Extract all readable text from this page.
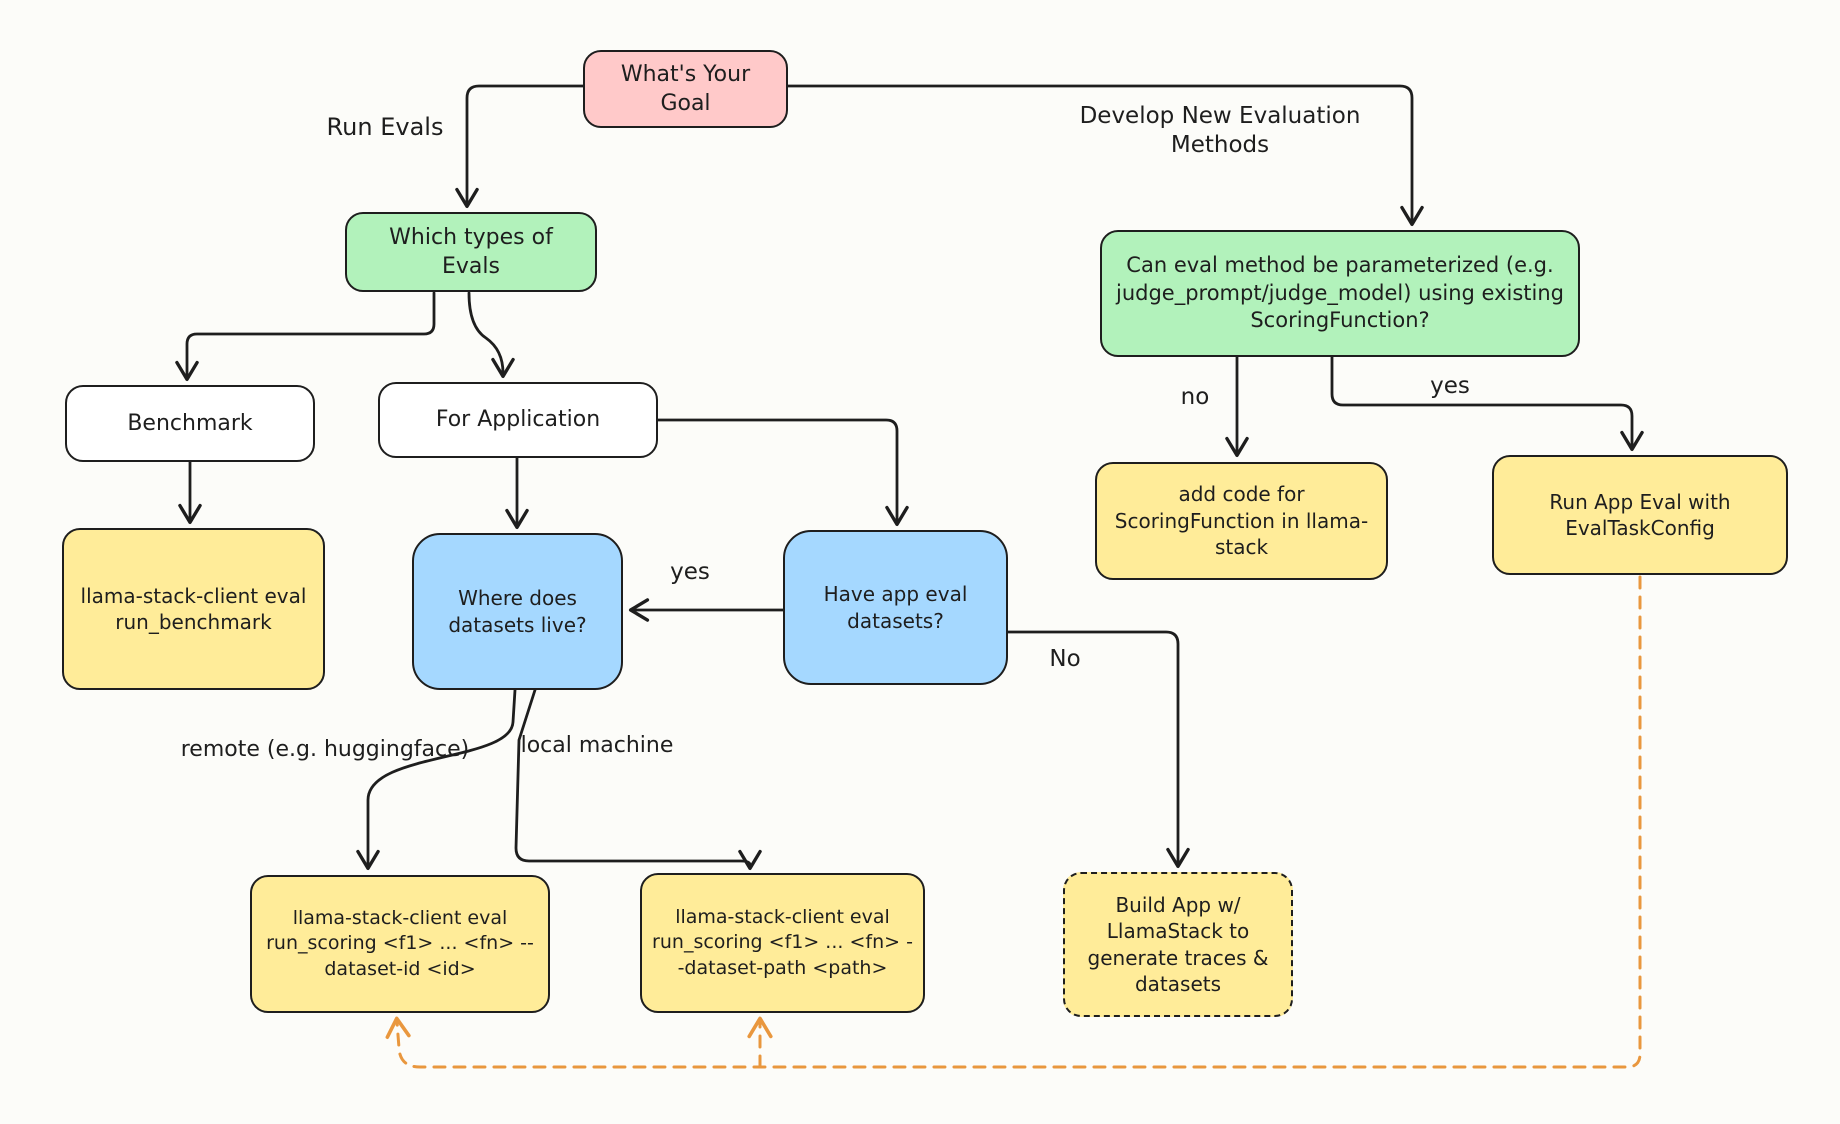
What's Your Goal
Which types of Evals	Can eval method be parameterized (e.g. judge_prompt/judge_model) using existing ScoringFunction?
Benchmark	For Application
llama-stack-client eval run_benchmark
Where does datasets live?
Have app eval datasets?
add code for ScoringFunction in llama-stack
Run App Eval with EvalTaskConfig
llama-stack-client eval run_scoring <f1> ... <fn> --dataset-id <id>
llama-stack-client eval run_scoring <f1> ... <fn> --dataset-path <path>
Build App w/ LlamaStack to generate traces & datasets
Run Evals	Develop New Evaluation Methods
yes
No
remote (e.g. huggingface) local machine
no	yes
